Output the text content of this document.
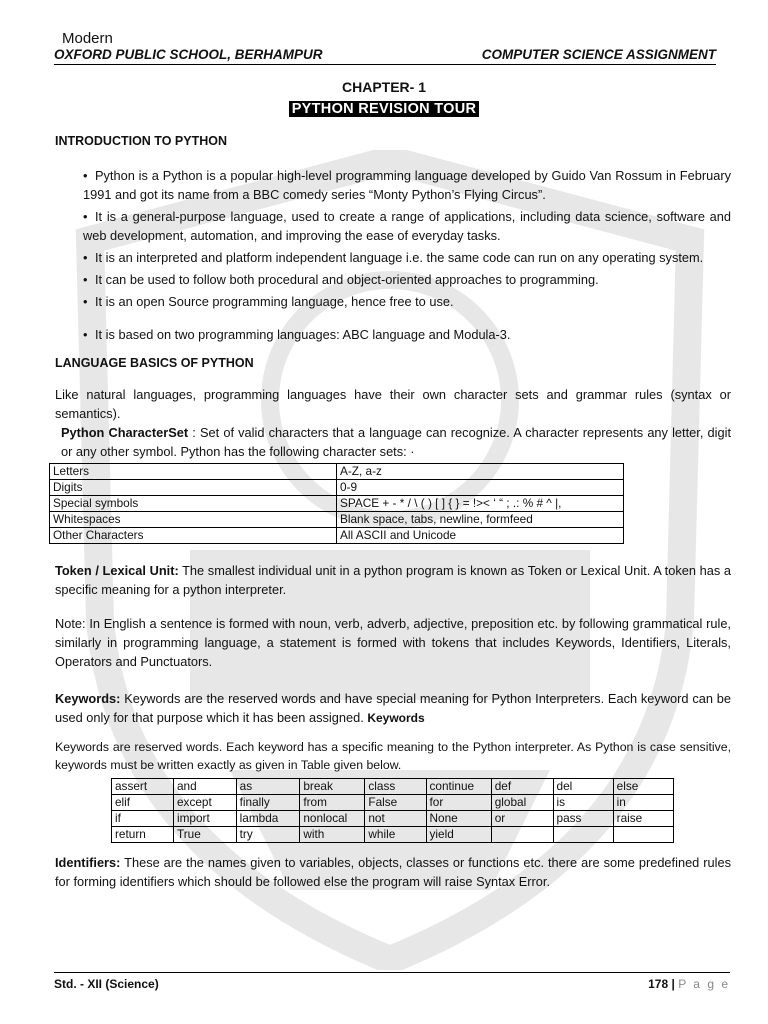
Modern
OXFORD PUBLIC SCHOOL, BERHAMPUR	COMPUTER SCIENCE ASSIGNMENT
CHAPTER- 1
PYTHON REVISION TOUR
INTRODUCTION TO PYTHON
• Python is a Python is a popular high-level programming language developed by Guido Van Rossum in February 1991 and got its name from a BBC comedy series “Monty Python’s Flying Circus”.
• It is a general-purpose language, used to create a range of applications, including data science, software and web development, automation, and improving the ease of everyday tasks.
• It is an interpreted and platform independent language i.e. the same code can run on any operating system.
• It can be used to follow both procedural and object-oriented approaches to programming.
• It is an open Source programming language, hence free to use.
• It is based on two programming languages: ABC language and Modula-3.
LANGUAGE BASICS OF PYTHON

Like natural languages, programming languages have their own character sets and grammar rules (syntax or semantics).

Python CharacterSet : Set of valid characters that a language can recognize. A character represents any letter, digit or any other symbol. Python has the following character sets: ·

Letters	A-Z, a-z
Digits	0-9
Special symbols	SPACE + - * / \ ( ) [ ] { } = !>< ‘ “ ; .: % # ^ |,
Whitespaces	Blank space, tabs, newline, formfeed
Other Characters	All ASCII and Unicode

Token / Lexical Unit: The smallest individual unit in a python program is known as Token or Lexical Unit. A token has a specific meaning for a python interpreter.

Note: In English a sentence is formed with noun, verb, adverb, adjective, preposition etc. by following grammatical rule, similarly in programming language, a statement is formed with tokens that includes Keywords, Identifiers, Literals, Operators and Punctuators.

Keywords: Keywords are the reserved words and have special meaning for Python Interpreters. Each keyword can be used only for that purpose which it has been assigned. Keywords

Keywords are reserved words. Each keyword has a specific meaning to the Python interpreter. As Python is case sensitive, keywords must be written exactly as given in Table given below.

assert	and	as	break	class	continue	def	del	else
elif	except	finally	from	False	for	global	is	in
if	import	lambda	nonlocal	not	None	or	pass	raise
return	True	try	with	while	yield			

Identifiers: These are the names given to variables, objects, classes or functions etc. there are some predefined rules for forming identifiers which should be followed else the program will raise Syntax Error.

Std. - XII (Science)	178 | P a g e
